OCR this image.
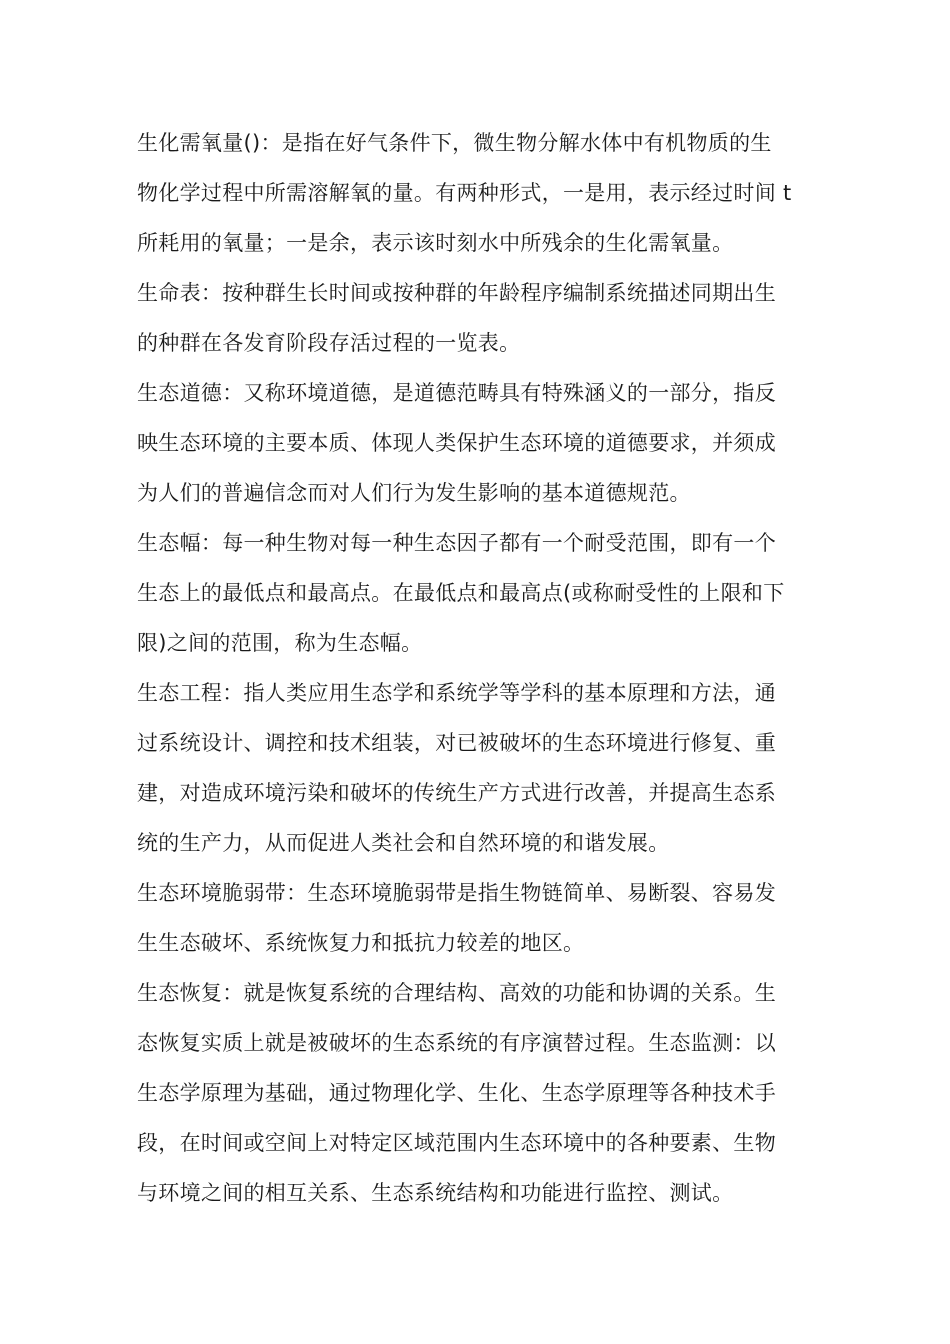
生化需氧量()：是指在好气条件下，微生物分解水体中有机物质的生
物化学过程中所需溶解氧的量。有两种形式，一是用，表示经过时间 t
所耗用的氧量；一是余，表示该时刻水中所残余的生化需氧量。
生命表：按种群生长时间或按种群的年龄程序编制系统描述同期出生
的种群在各发育阶段存活过程的一览表。
生态道德：又称环境道德，是道德范畴具有特殊涵义的一部分，指反
映生态环境的主要本质、体现人类保护生态环境的道德要求，并须成
为人们的普遍信念而对人们行为发生影响的基本道德规范。
生态幅：每一种生物对每一种生态因子都有一个耐受范围，即有一个
生态上的最低点和最高点。在最低点和最高点(或称耐受性的上限和下
限)之间的范围，称为生态幅。
生态工程：指人类应用生态学和系统学等学科的基本原理和方法，通
过系统设计、调控和技术组装，对已被破坏的生态环境进行修复、重
建，对造成环境污染和破坏的传统生产方式进行改善，并提高生态系
统的生产力，从而促进人类社会和自然环境的和谐发展。
生态环境脆弱带：生态环境脆弱带是指生物链简单、易断裂、容易发
生生态破坏、系统恢复力和抵抗力较差的地区。
生态恢复：就是恢复系统的合理结构、高效的功能和协调的关系。生
态恢复实质上就是被破坏的生态系统的有序演替过程。生态监测：以
生态学原理为基础，通过物理化学、生化、生态学原理等各种技术手
段，在时间或空间上对特定区域范围内生态环境中的各种要素、生物
与环境之间的相互关系、生态系统结构和功能进行监控、测试。
